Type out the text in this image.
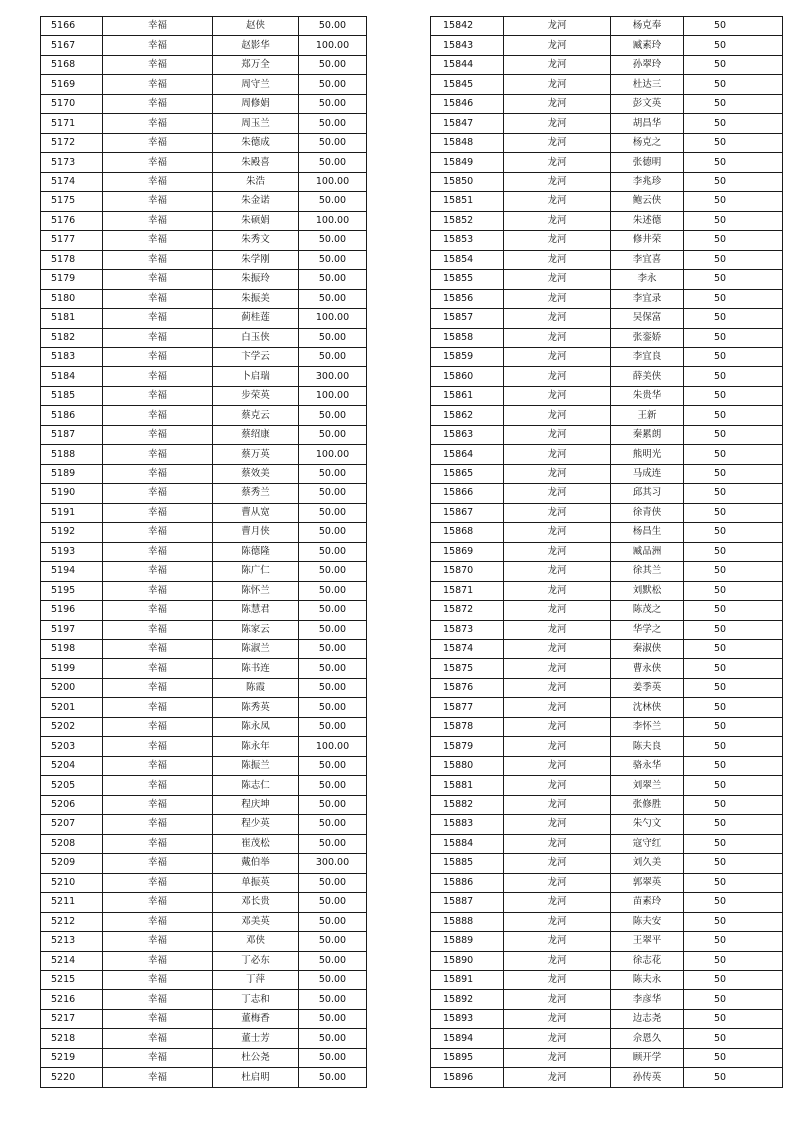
5166	幸福	赵侠	50.00
5167	幸福	赵影华	100.00
5168	幸福	郑万全	50.00
5169	幸福	周守兰	50.00
5170	幸福	周修娟	50.00
5171	幸福	周玉兰	50.00
5172	幸福	朱德成	50.00
5173	幸福	朱殿喜	50.00
5174	幸福	朱浩	100.00
5175	幸福	朱金诺	50.00
5176	幸福	朱硕娟	100.00
5177	幸福	朱秀文	50.00
5178	幸福	朱学刚	50.00
5179	幸福	朱振玲	50.00
5180	幸福	朱振美	50.00
5181	幸福	蓟桂莲	100.00
5182	幸福	白玉侠	50.00
5183	幸福	卞学云	50.00
5184	幸福	卜启瑞	300.00
5185	幸福	步荣英	100.00
5186	幸福	蔡克云	50.00
5187	幸福	蔡绍康	50.00
5188	幸福	蔡万英	100.00
5189	幸福	蔡效美	50.00
5190	幸福	蔡秀兰	50.00
5191	幸福	曹从宽	50.00
5192	幸福	曹月侠	50.00
5193	幸福	陈德隆	50.00
5194	幸福	陈广仁	50.00
5195	幸福	陈怀兰	50.00
5196	幸福	陈慧君	50.00
5197	幸福	陈家云	50.00
5198	幸福	陈淑兰	50.00
5199	幸福	陈书连	50.00
5200	幸福	陈霞	50.00
5201	幸福	陈秀英	50.00
5202	幸福	陈永凤	50.00
5203	幸福	陈永年	100.00
5204	幸福	陈振兰	50.00
5205	幸福	陈志仁	50.00
5206	幸福	程庆坤	50.00
5207	幸福	程少英	50.00
5208	幸福	崔茂松	50.00
5209	幸福	戴伯举	300.00
5210	幸福	单振英	50.00
5211	幸福	邓长贵	50.00
5212	幸福	邓美英	50.00
5213	幸福	邓侠	50.00
5214	幸福	丁必东	50.00
5215	幸福	丁萍	50.00
5216	幸福	丁志和	50.00
5217	幸福	董梅香	50.00
5218	幸福	董士芳	50.00
5219	幸福	杜公尧	50.00
5220	幸福	杜启明	50.00
15842	龙河	杨克奉	50
15843	龙河	臧素玲	50
15844	龙河	孙翠玲	50
15845	龙河	杜达三	50
15846	龙河	彭文英	50
15847	龙河	胡昌华	50
15848	龙河	杨克之	50
15849	龙河	张德明	50
15850	龙河	李兆珍	50
15851	龙河	鲍云侠	50
15852	龙河	朱述德	50
15853	龙河	修井荣	50
15854	龙河	李宜喜	50
15855	龙河	李永	50
15856	龙河	李宜录	50
15857	龙河	吴保富	50
15858	龙河	张銮娇	50
15859	龙河	李宜良	50
15860	龙河	薛美侠	50
15861	龙河	朱贵华	50
15862	龙河	王新	50
15863	龙河	秦累朗	50
15864	龙河	熊明光	50
15865	龙河	马成连	50
15866	龙河	邱其习	50
15867	龙河	徐青侠	50
15868	龙河	杨昌生	50
15869	龙河	臧品洲	50
15870	龙河	徐其兰	50
15871	龙河	刘默松	50
15872	龙河	陈茂之	50
15873	龙河	华学之	50
15874	龙河	秦淑侠	50
15875	龙河	曹永侠	50
15876	龙河	姜季英	50
15877	龙河	沈林侠	50
15878	龙河	李怀兰	50
15879	龙河	陈夫良	50
15880	龙河	骆永华	50
15881	龙河	刘翠兰	50
15882	龙河	张修胜	50
15883	龙河	朱勺文	50
15884	龙河	寇守红	50
15885	龙河	刘久美	50
15886	龙河	郭翠英	50
15887	龙河	苗素玲	50
15888	龙河	陈夫安	50
15889	龙河	王翠平	50
15890	龙河	徐志花	50
15891	龙河	陈夫永	50
15892	龙河	李彦华	50
15893	龙河	边志尧	50
15894	龙河	佘恩久	50
15895	龙河	顾开学	50
15896	龙河	孙传英	50
